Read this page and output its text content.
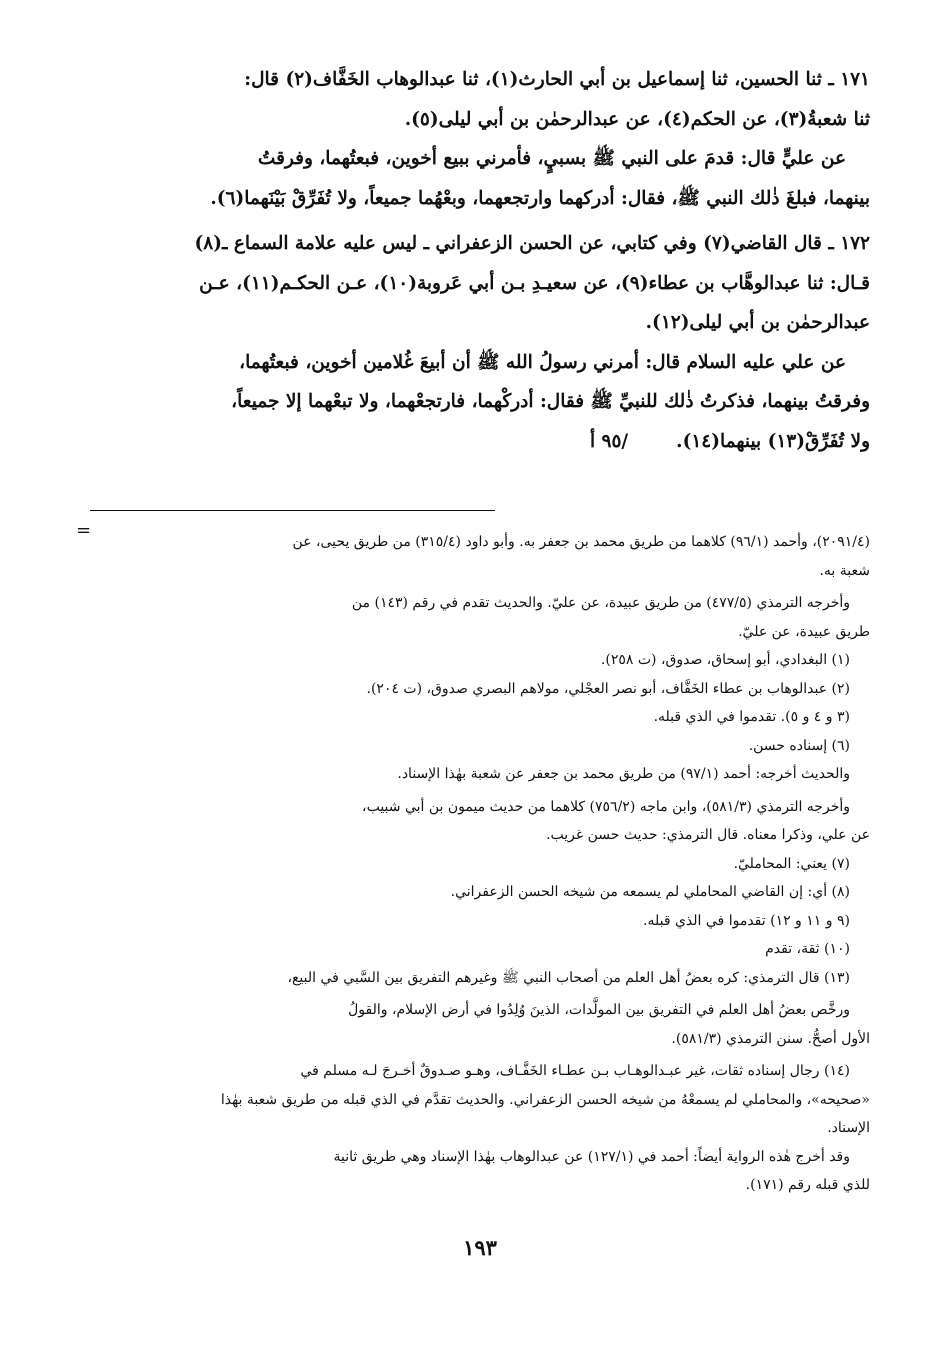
١٧١ ـ ثنا الحسين، ثنا إسماعيل بن أبي الحارث(١)، ثنا عبدالوهاب الخَفَّاف(٢) قال:

ثنا شعبةُ(٣)، عن الحكم(٤)، عن عبدالرحمٰن بن أبي ليلى(٥).

عن عليٍّ قال: قدمَ على النبي ﷺ بسبيٍ، فأمرني ببيع أخوين، فبعتُهما، وفرقتُ

بينهما، فبلغَ ذٰلك النبي ﷺ، فقال: أدركهما وارتجعهما، وبعْهُما جميعاً، ولا تُفَرِّقْ بَيْنَهما(٦).

١٧٢ ـ قال القاضي(٧) وفي كتابي، عن الحسن الزعفراني ـ ليس عليه علامة السماع ـ(٨)

قـال: ثنا عبدالوهَّاب بن عطاء(٩)، عن سعيـدِ بـن أبي عَروبة(١٠)، عـن الحكـم(١١)، عـن

عبدالرحمٰن بن أبي ليلى(١٢).

عن علي عليه السلام قال: أمرني رسولُ الله ﷺ أن أبيعَ غُلامين أخوين، فبعتُهما،

وفرقتُ بينهما، فذكرتُ ذٰلك للنبيِّ ﷺ فقال: أدركْهما، فارتجعْهما، ولا تبعْهما إلا جميعاً،

ولا تُفَرِّقْ(١٣) بينهما(١٤)./٩٥ أ

=

(٢٠٩١/٤)، وأحمد (٩٦/١) كلاهما من طريق محمد بن جعفر به. وأبو داود (٣١٥/٤) من طريق يحيى، عن

شعبة به.

وأخرجه الترمذي (٤٧٧/٥) من طريق عبيدة، عن عليّ. والحديث تقدم في رقم (١٤٣) من

طريق عبيدة، عن عليّ.

(١) البغدادي، أبو إسحاق، صدوق، (ت ٢٥٨).

(٢) عبدالوهاب بن عطاء الخَفَّاف، أبو نصر العجْلي، مولاهم البصري صدوق، (ت ٢٠٤).

(٣ و ٤ و ٥). تقدموا في الذي قبله.

(٦) إسناده حسن.

والحديث أخرجه: أحمد (٩٧/١) من طريق محمد بن جعفر عن شعبة بهٰذا الإسناد.

وأخرجه الترمذي (٥٨١/٣)، وابن ماجه (٧٥٦/٢) كلاهما من حديث ميمون بن أبي شبيب،

عن علي، وذكرا معناه. قال الترمذي: حديث حسن غريب.

(٧) يعني: المحامليّ.

(٨) أي: إن القاضي المحاملي لم يسمعه من شيخه الحسن الزعفراني.

(٩ و ١١ و ١٢) تقدموا في الذي قبله.

(١٠) ثقة، تقدم

(١٣) قال الترمذي: كره بعضُ أهل العلم من أصحاب النبي ﷺ وغيرهم التفريق بين السَّبي في البيع،

ورخَّص بعضُ أهل العلم في التفريق بين المولَّدات، الذينَ وُلِدُوا في أرض الإسلام، والقولُ

الأول أصحُّ. سنن الترمذي (٥٨١/٣).

(١٤) رجال إسناده ثقات، غير عبـدالوهـاب بـن عطـاء الخَفَّـاف، وهـو صـدوقٌ أخـرجَ لـه مسلم في

«صحيحه»، والمحاملي لم يسمعْهُ من شيخه الحسن الزعفراني. والحديث تقدَّم في الذي قبله من طريق شعبة بهٰذا

الإسناد.

وقد أخرج هٰذه الرواية أيضاً: أحمد في (١٢٧/١) عن عبدالوهاب بهٰذا الإسناد وهي طريق ثانية

للذي قبله رقم (١٧١).

١٩٣
